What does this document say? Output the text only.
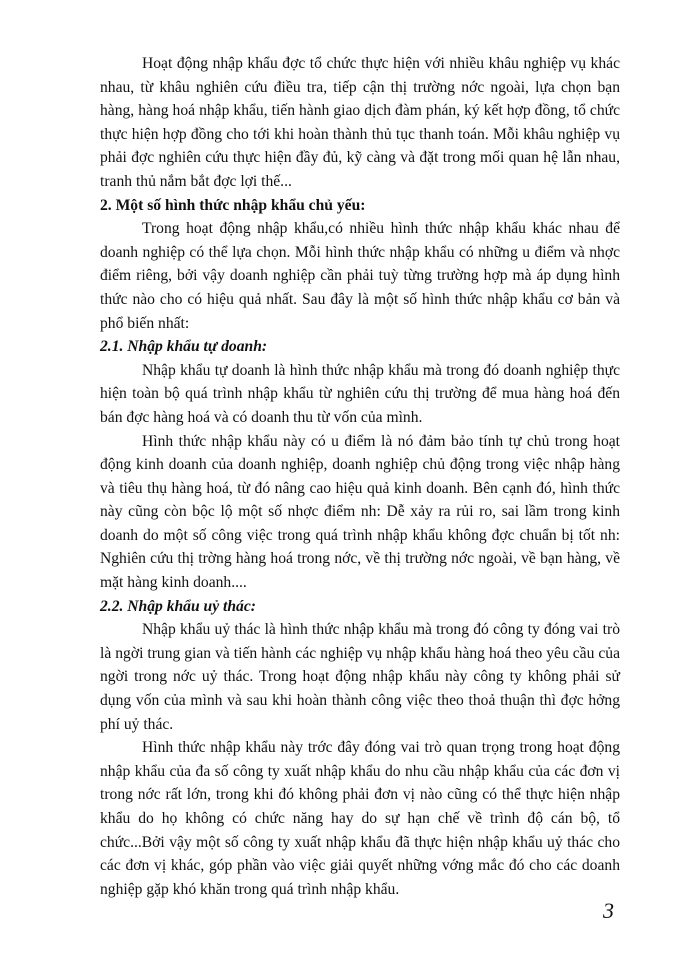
Hoạt động nhập khẩu đợc tổ chức thực hiện với nhiều khâu nghiệp vụ khác nhau, từ khâu nghiên cứu điều tra, tiếp cận thị trường nớc ngoài, lựa chọn bạn hàng, hàng hoá nhập khẩu, tiến hành giao dịch đàm phán, ký kết hợp đồng, tổ chức thực hiện hợp đồng cho tới khi hoàn thành thủ tục thanh toán. Mỗi khâu nghiệp vụ phải đợc nghiên cứu thực hiện đầy đủ, kỹ càng và đặt trong mối quan hệ lẫn nhau, tranh thủ nắm bắt đợc lợi thế...

2. Một số hình thức nhập khẩu chủ yếu:

Trong hoạt động nhập khẩu,có nhiều hình thức nhập khẩu khác nhau để doanh nghiệp có thể lựa chọn. Mỗi hình thức nhập khẩu có những u điểm và nhợc điểm riêng, bởi vậy doanh nghiệp cần phải tuỳ từng trường hợp mà áp dụng hình thức nào cho có hiệu quả nhất. Sau đây là một số hình thức nhập khẩu cơ bản và phổ biến nhất:

2.1. Nhập khẩu tự doanh:

Nhập khẩu tự doanh là hình thức nhập khẩu mà trong đó doanh nghiệp thực hiện toàn bộ quá trình nhập khẩu từ nghiên cứu thị trường để mua hàng hoá đến bán đợc hàng hoá và có doanh thu từ vốn của mình.

Hình thức nhập khẩu này có u điểm là nó đảm bảo tính tự chủ trong hoạt động kinh doanh của doanh nghiệp, doanh nghiệp chủ động trong việc nhập hàng và tiêu thụ hàng hoá, từ đó nâng cao hiệu quả kinh doanh. Bên cạnh đó, hình thức này cũng còn bộc lộ một số nhợc điểm nh: Dễ xảy ra rủi ro, sai lầm trong kinh doanh do một số công việc trong quá trình nhập khẩu không đợc chuẩn bị tốt nh: Nghiên cứu thị trờng hàng hoá trong nớc, về thị trường nớc ngoài, về bạn hàng, về mặt hàng kinh doanh....

2.2. Nhập khẩu uỷ thác:

Nhập khẩu uỷ thác là hình thức nhập khẩu mà trong đó công ty đóng vai trò là ngời trung gian và tiến hành các nghiệp vụ nhập khẩu hàng hoá theo yêu cầu của ngời trong nớc uỷ thác. Trong hoạt động nhập khẩu này công ty không phải sử dụng vốn của mình và sau khi hoàn thành công việc theo thoả thuận thì đợc hởng phí uỷ thác.

Hình thức nhập khẩu này trớc đây đóng vai trò quan trọng trong hoạt động nhập khẩu của đa số công ty xuất nhập khẩu do nhu cầu nhập khẩu của các đơn vị trong nớc rất lớn, trong khi đó không phải đơn vị nào cũng có thể thực hiện nhập khẩu do họ không có chức năng hay do sự hạn chế về trình độ cán bộ, tổ chức...Bởi vậy một số công ty xuất nhập khẩu đã thực hiện nhập khẩu uỷ thác cho các đơn vị khác, góp phần vào việc giải quyết những vớng mắc đó cho các doanh nghiệp gặp khó khăn trong quá trình nhập khẩu.

3
